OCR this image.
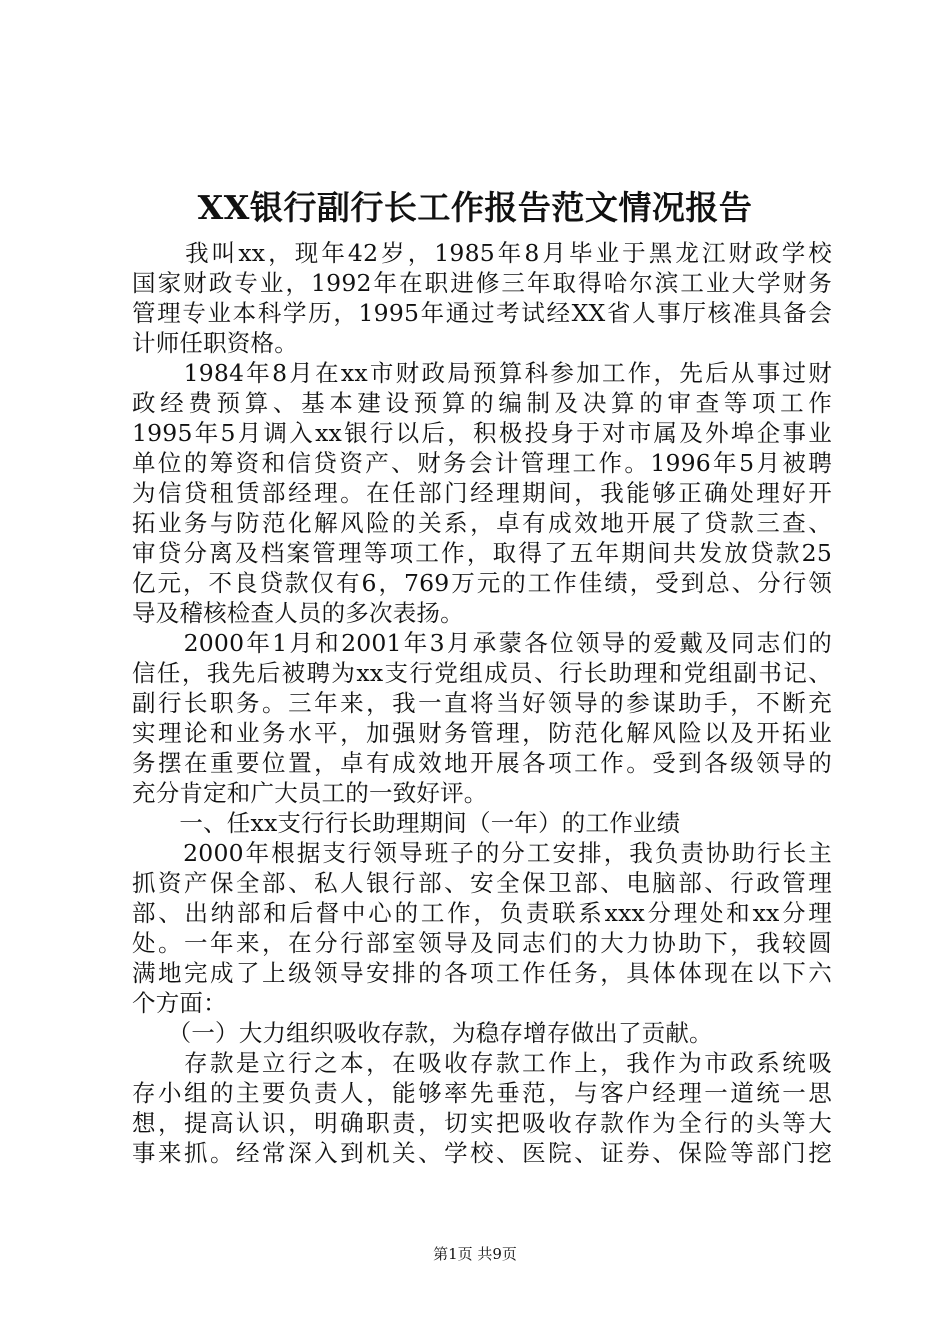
XX银行副行长工作报告范文情况报告
　　我叫xx，现年42岁，1985年8月毕业于黑龙江财政学校
国家财政专业，1992年在职进修三年取得哈尔滨工业大学财务
管理专业本科学历，1995年通过考试经XX省人事厅核准具备会
计师任职资格。
　　1984年8月在xx市财政局预算科参加工作，先后从事过财
政经费预算、基本建设预算的编制及决算的审查等项工作
1995年5月调入xx银行以后，积极投身于对市属及外埠企事业
单位的筹资和信贷资产、财务会计管理工作。1996年5月被聘
为信贷租赁部经理。在任部门经理期间，我能够正确处理好开
拓业务与防范化解风险的关系，卓有成效地开展了贷款三查、
审贷分离及档案管理等项工作，取得了五年期间共发放贷款25
亿元，不良贷款仅有6，769万元的工作佳绩，受到总、分行领
导及稽核检查人员的多次表扬。
　　2000年1月和2001年3月承蒙各位领导的爱戴及同志们的
信任，我先后被聘为xx支行党组成员、行长助理和党组副书记、
副行长职务。三年来，我一直将当好领导的参谋助手，不断充
实理论和业务水平，加强财务管理，防范化解风险以及开拓业
务摆在重要位置，卓有成效地开展各项工作。受到各级领导的
充分肯定和广大员工的一致好评。
　　一、任xx支行行长助理期间（一年）的工作业绩
　　2000年根据支行领导班子的分工安排，我负责协助行长主
抓资产保全部、私人银行部、安全保卫部、电脑部、行政管理
部、出纳部和后督中心的工作，负责联系xxx分理处和xx分理
处。一年来，在分行部室领导及同志们的大力协助下，我较圆
满地完成了上级领导安排的各项工作任务，具体体现在以下六
个方面：
　　（一）大力组织吸收存款，为稳存增存做出了贡献。
　　存款是立行之本，在吸收存款工作上，我作为市政系统吸
存小组的主要负责人，能够率先垂范，与客户经理一道统一思
想，提高认识，明确职责，切实把吸收存款作为全行的头等大
事来抓。经常深入到机关、学校、医院、证券、保险等部门挖
第1页 共9页
